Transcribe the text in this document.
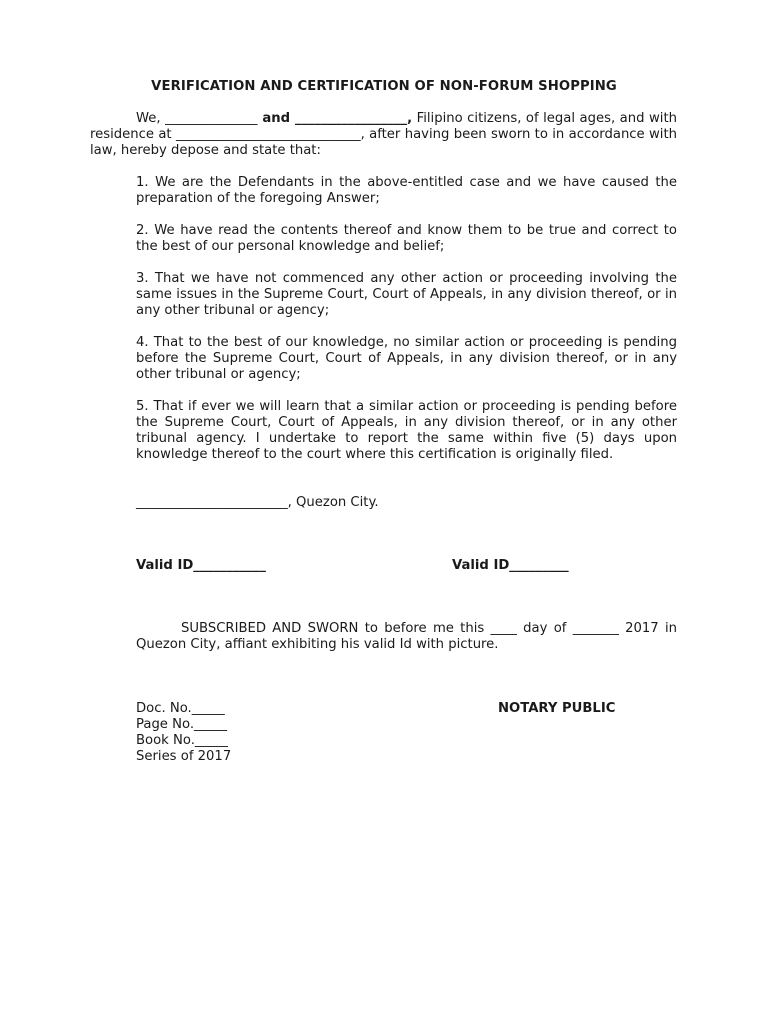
VERIFICATION AND CERTIFICATION OF NON-FORUM SHOPPING

We, ______________ and _________________, Filipino citizens, of legal ages, and with residence at ____________________________, after having been sworn to in accordance with law, hereby depose and state that:

1. We are the Defendants in the above-entitled case and we have caused the preparation of the foregoing Answer;

2. We have read the contents thereof and know them to be true and correct to the best of our personal knowledge and belief;

3. That we have not commenced any other action or proceeding involving the same issues in the Supreme Court, Court of Appeals, in any division thereof, or in any other tribunal or agency;

4. That to the best of our knowledge, no similar action or proceeding is pending before the Supreme Court, Court of Appeals, in any division thereof, or in any other tribunal or agency;

5. That if ever we will learn that a similar action or proceeding is pending before the Supreme Court, Court of Appeals, in any division thereof, or in any other tribunal agency. I undertake to report the same within five (5) days upon knowledge thereof to the court where this certification is originally filed.

_______________________, Quezon City.
Valid ID___________	Valid ID_________

SUBSCRIBED AND SWORN to before me this ____ day of _______ 2017 in Quezon City, affiant exhibiting his valid Id with picture.

Doc. No._____
Page No._____
Book No._____
Series of 2017
NOTARY PUBLIC
